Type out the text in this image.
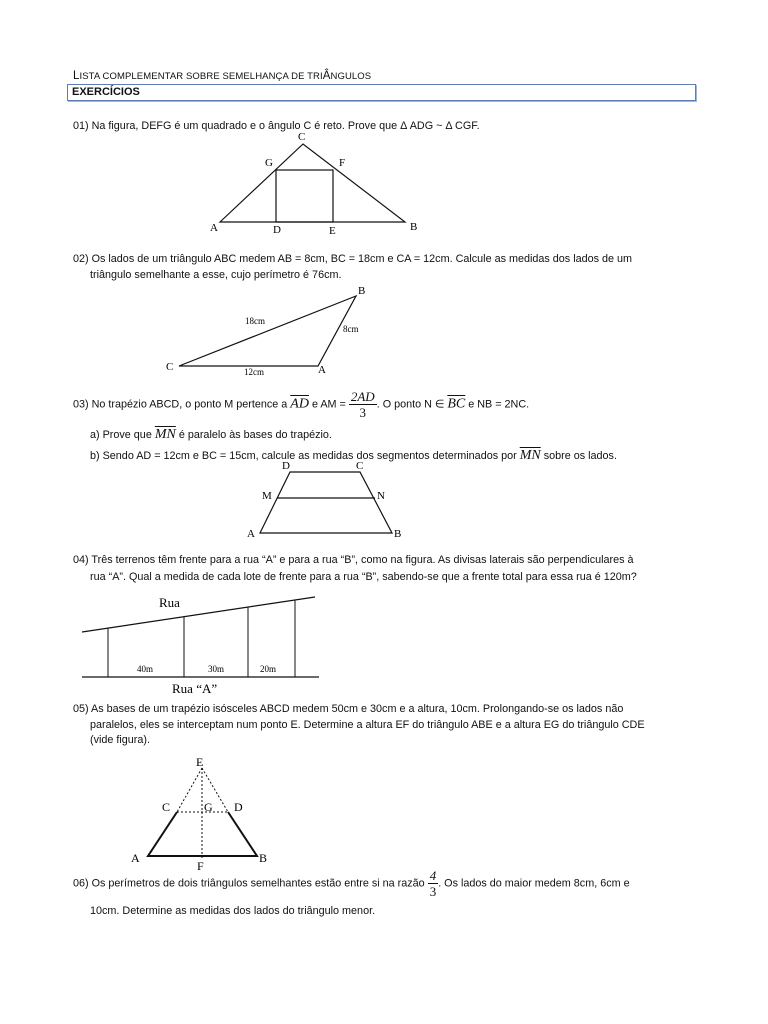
LISTA COMPLEMENTAR SOBRE SEMELHANÇA DE TRIÂNGULOS
EXERCÍCIOS
01) Na figura, DEFG é um quadrado e o ângulo C é reto. Prove que Δ ADG ~ Δ CGF.
C
G	F
A	D	E	B
02) Os lados de um triângulo ABC medem AB = 8cm, BC = 18cm e CA = 12cm. Calcule as medidas dos lados de um
triângulo semelhante a esse, cujo perímetro é 76cm.
B
C	A
18cm
8cm
12cm
03) No trapézio ABCD, o ponto M pertence a $\overline{AD}$ e AM = $\frac{2AD}{3}$ . O ponto N ∈ $\overline{BC}$ e NB = 2NC.
a) Prove que $\overline{MN}$ é paralelo às bases do trapézio.
b) Sendo AD = 12cm e BC = 15cm, calcule as medidas dos segmentos determinados por $\overline{MN}$ sobre os lados.
D	C
M	N
A	B
04) Três terrenos têm frente para a rua “A” e para a rua “B”, como na figura. As divisas laterais são perpendiculares à
rua “A”. Qual a medida de cada lote de frente para a rua “B”, sabendo-se que a frente total para essa rua é 120m?
Rua
40m	30m	20m
Rua “A”
05) As bases de um trapézio isósceles ABCD medem 50cm e 30cm e a altura, 10cm. Prolongando-se os lados não
paralelos, eles se interceptam num ponto E. Determine a altura EF do triângulo ABE e a altura EG do triângulo CDE
(vide figura).
E
C	G D
A
F
B
06) Os perímetros de dois triângulos semelhantes estão entre si na razão $\frac{4}{3}$ . Os lados do maior medem 8cm, 6cm e
10cm. Determine as medidas dos lados do triângulo menor.
